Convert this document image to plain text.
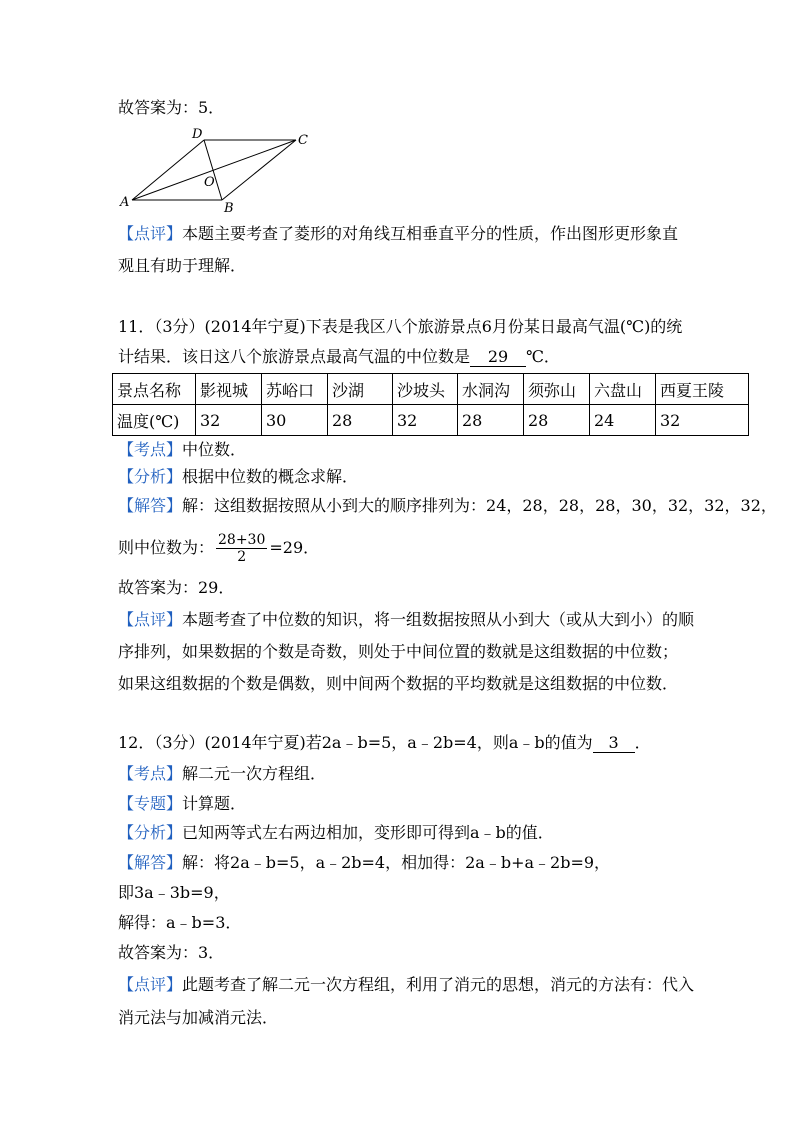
故答案为：5．
A	B
C
D
O
【点评】本题主要考查了菱形的对角线互相垂直平分的性质，作出图形更形象直
观且有助于理解．
11．（3分）(2014年宁夏)下表是我区八个旅游景点6月份某日最高气温(℃)的统
计结果．该日这八个旅游景点最高气温的中位数是 29 ℃．
景点名称	影视城	苏峪口	沙湖	沙坡头	水洞沟	须弥山	六盘山	西夏王陵
温度(℃)	32	30	28	32	28	28	24	32
【考点】中位数．
【分析】根据中位数的概念求解．
【解答】解：这组数据按照从小到大的顺序排列为：24，28，28，28，30，32，32，32，
则中位数为： $\frac{28+30}{2} =29$．
故答案为：29．
【点评】本题考查了中位数的知识，将一组数据按照从小到大（或从大到小）的顺
序排列，如果数据的个数是奇数，则处于中间位置的数就是这组数据的中位数；
如果这组数据的个数是偶数，则中间两个数据的平均数就是这组数据的中位数．
12．（3分）(2014年宁夏)若2a﹣b=5，a﹣2b=4，则a﹣b的值为 3 ．
【考点】解二元一次方程组．
【专题】计算题．
【分析】已知两等式左右两边相加，变形即可得到a﹣b的值．
【解答】解：将2a﹣b=5，a﹣2b=4，相加得：2a﹣b+a﹣2b=9，
即3a﹣3b=9，
解得：a﹣b=3．
故答案为：3．
【点评】此题考查了解二元一次方程组，利用了消元的思想，消元的方法有：代入
消元法与加减消元法．
